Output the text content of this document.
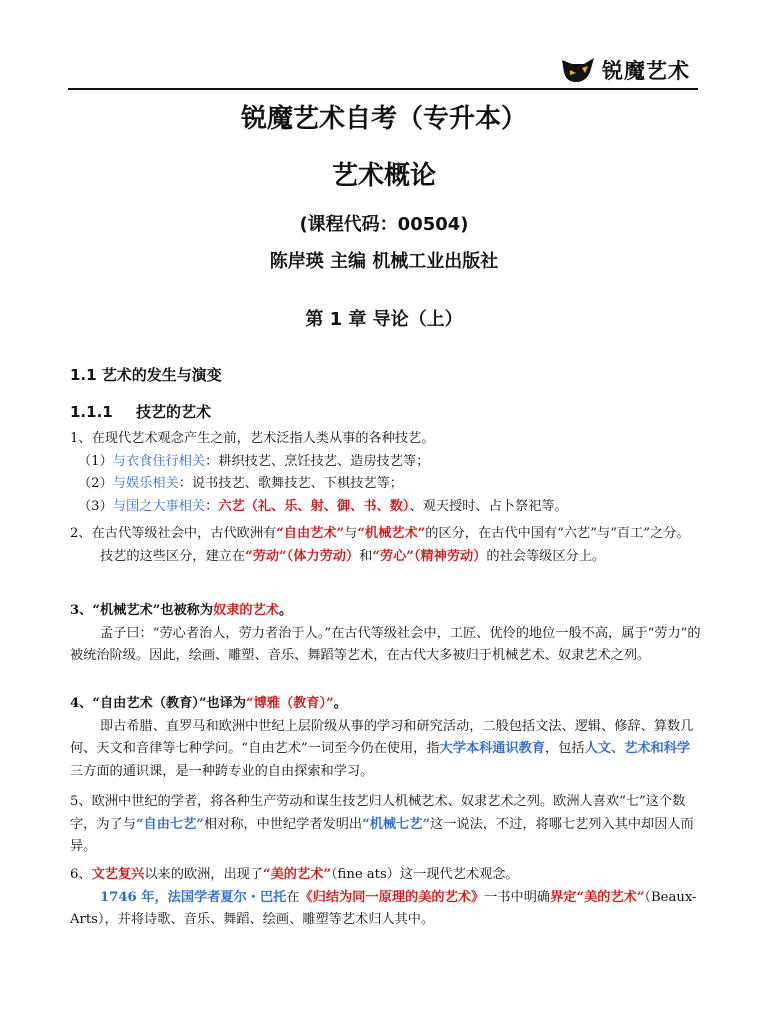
锐魔艺术
锐魔艺术自考（专升本）
艺术概论
(课程代码：00504)
陈岸瑛 主编 机械工业出版社
第 1 章 导论（上）
1.1 艺术的发生与演变
1.1.1 技艺的艺术

1、在现代艺术观念产生之前，艺术泛指人类从事的各种技艺。

（1）与衣食住行相关：耕织技艺、烹饪技艺、造房技艺等；

（2）与娱乐相关：说书技艺、歌舞技艺、下棋技艺等；

（3）与国之大事相关：六艺（礼、乐、射、御、书、数）、观天授时、占卜祭祀等。

2、在古代等级社会中，古代欧洲有“自由艺术”与“机械艺术”的区分，在古代中国有“六艺”与“百工”之分。

技艺的这些区分，建立在“劳动”（体力劳动）和“劳心”（精神劳动）的社会等级区分上。

3、“机械艺术”也被称为奴隶的艺术。

孟子曰：“劳心者治人，劳力者治于人。”在古代等级社会中，工匠、优伶的地位一般不高，属于“劳力”的被统治阶级。因此，绘画、雕塑、音乐、舞蹈等艺术，在古代大多被归于机械艺术、奴隶艺术之列。

4、“自由艺术（教育）”也译为“博雅（教育）”。

即古希腊、直罗马和欧洲中世纪上层阶级从事的学习和研究活动，二般包括文法、逻辑、修辞、算数几何、天文和音律等七种学问。“自由艺术”一词至今仍在使用，指大学本科通识教育，包括人文、艺术和科学三方面的通识课，是一种跨专业的自由探索和学习。

5、欧洲中世纪的学者，将各种生产劳动和谋生技艺归人机械艺术、奴隶艺术之列。欧洲人喜欢“七”这个数字，为了与“自由七艺”相对称，中世纪学者发明出“机械七艺”这一说法，不过，将哪七艺列入其中却因人而异。

6、文艺复兴以来的欧洲，出现了“美的艺术”（fine ats）这一现代艺术观念。

1746 年，法国学者夏尔・巴托在《归结为同一原理的美的艺术》一书中明确界定“美的艺术”（Beaux-Arts），并将诗歌、音乐、舞蹈、绘画、雕塑等艺术归人其中。
